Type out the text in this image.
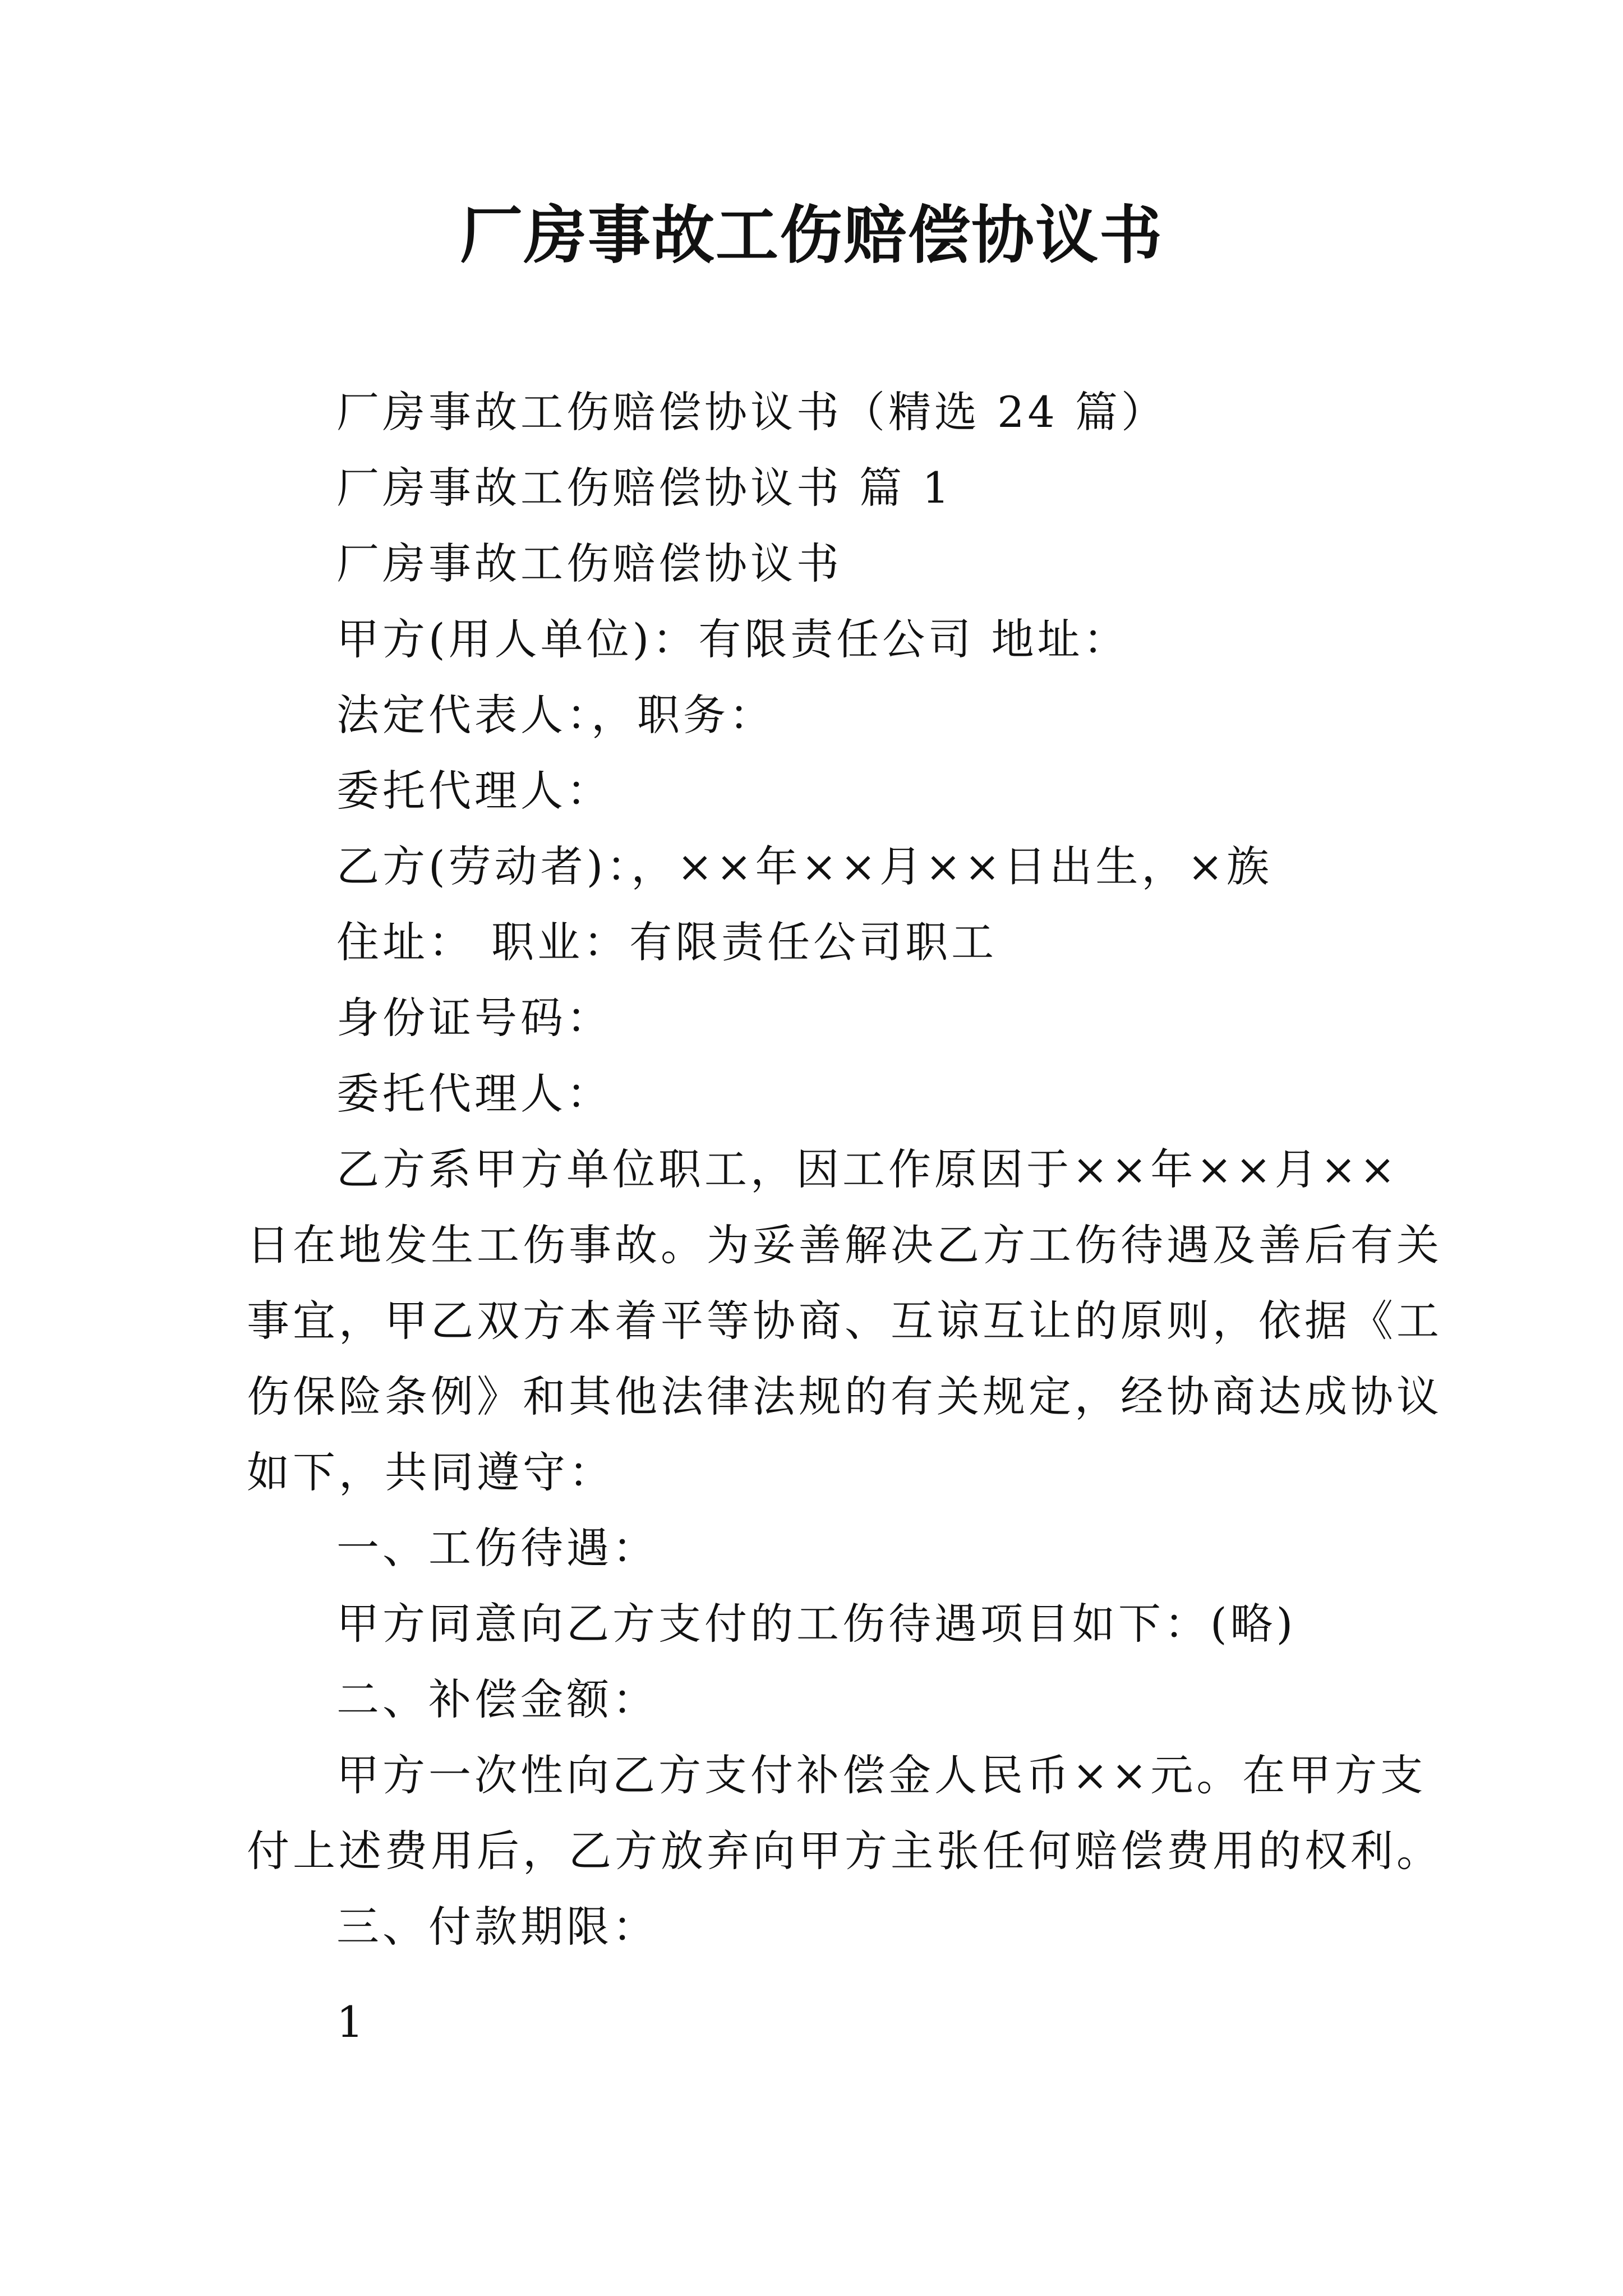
厂房事故工伤赔偿协议书
厂房事故工伤赔偿协议书（精选 24 篇）
厂房事故工伤赔偿协议书 篇 1
厂房事故工伤赔偿协议书
甲方(用人单位)：有限责任公司 地址：
法定代表人：，职务：
委托代理人：
乙方(劳动者)：，××年××月××日出生，×族
住址： 职业：有限责任公司职工
身份证号码：
委托代理人：
乙方系甲方单位职工，因工作原因于××年××月××
日在地发生工伤事故。为妥善解决乙方工伤待遇及善后有关
事宜，甲乙双方本着平等协商、互谅互让的原则，依据《工
伤保险条例》和其他法律法规的有关规定，经协商达成协议
如下，共同遵守：
一、工伤待遇：
甲方同意向乙方支付的工伤待遇项目如下：(略)
二、补偿金额：
甲方一次性向乙方支付补偿金人民币××元。在甲方支
付上述费用后，乙方放弃向甲方主张任何赔偿费用的权利。
三、付款期限：
1
